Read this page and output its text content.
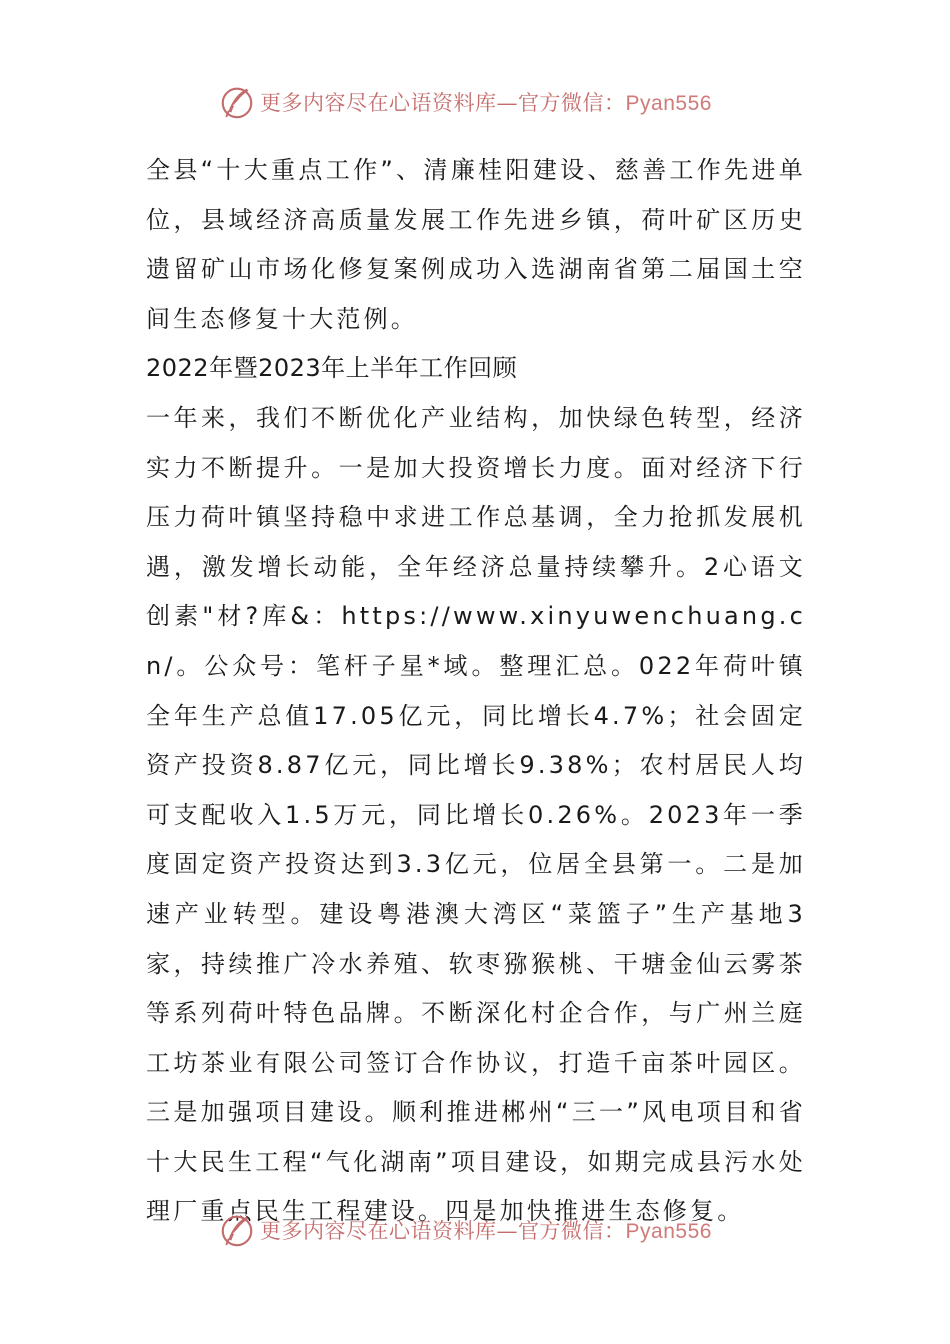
更多内容尽在心语资料库—官方微信：Pyan556

全县“十大重点工作”、清廉桂阳建设、慈善工作先进单位，县域经济高质量发展工作先进乡镇，荷叶矿区历史遗留矿山市场化修复案例成功入选湖南省第二届国土空间生态修复十大范例。

2022年暨2023年上半年工作回顾

一年来，我们不断优化产业结构，加快绿色转型，经济实力不断提升。一是加大投资增长力度。面对经济下行压力荷叶镇坚持稳中求进工作总基调，全力抢抓发展机遇，激发增长动能，全年经济总量持续攀升。2心语文创素"材?库&：https://www.xinyuwenchuang.cn/。公众号：笔杆子星*域。整理汇总。022年荷叶镇全年生产总值17.05亿元，同比增长4.7%；社会固定资产投资8.87亿元，同比增长9.38%；农村居民人均可支配收入1.5万元，同比增长0.26%。2023年一季度固定资产投资达到3.3亿元，位居全县第一。二是加速产业转型。建设粤港澳大湾区“菜篮子”生产基地3家，持续推广冷水养殖、软枣猕猴桃、干塘金仙云雾茶等系列荷叶特色品牌。不断深化村企合作，与广州兰庭工坊茶业有限公司签订合作协议，打造千亩茶叶园区。三是加强项目建设。顺利推进郴州“三一”风电项目和省十大民生工程“气化湖南”项目建设，如期完成县污水处理厂重点民生工程建设。四是加快推进生态修复。

更多内容尽在心语资料库—官方微信：Pyan556
